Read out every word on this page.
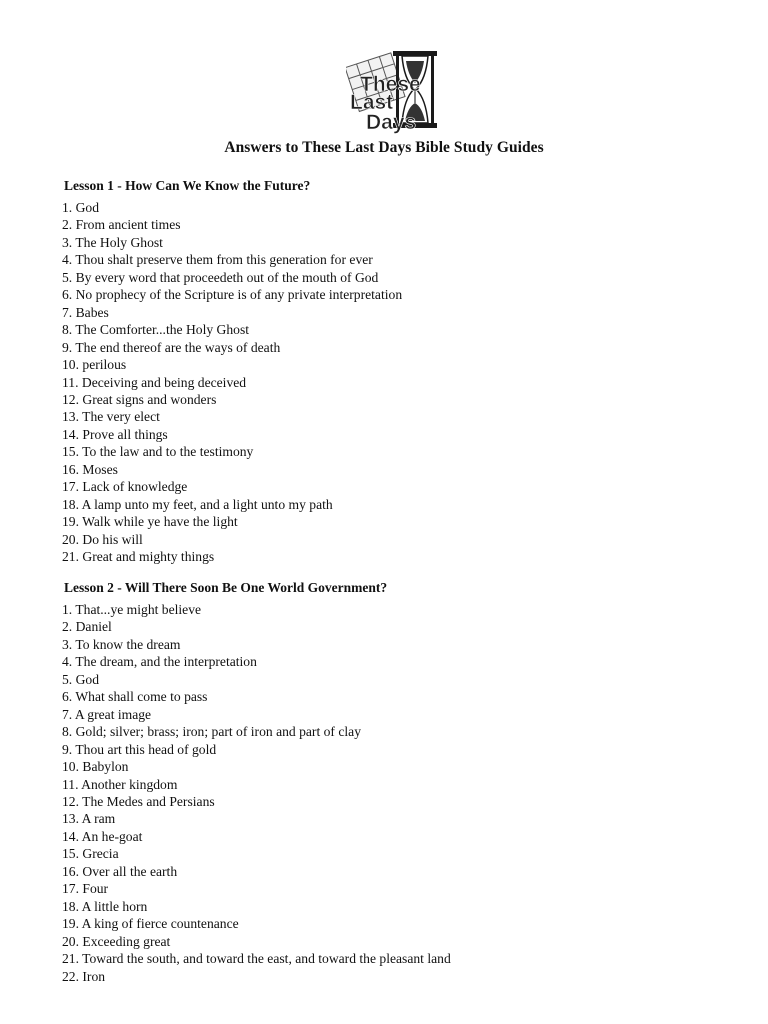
These
Last
Days
Answers to These Last Days Bible Study Guides
Lesson 1 - How Can We Know the Future?
1. God
2. From ancient times
3. The Holy Ghost
4. Thou shalt preserve them from this generation for ever
5. By every word that proceedeth out of the mouth of God
6. No prophecy of the Scripture is of any private interpretation
7. Babes
8. The Comforter...the Holy Ghost
9. The end thereof are the ways of death
10. perilous
11. Deceiving and being deceived
12. Great signs and wonders
13. The very elect
14. Prove all things
15. To the law and to the testimony
16. Moses
17. Lack of knowledge
18. A lamp unto my feet, and a light unto my path
19. Walk while ye have the light
20. Do his will
21. Great and mighty things
Lesson 2 - Will There Soon Be One World Government?
1. That...ye might believe
2. Daniel
3. To know the dream
4. The dream, and the interpretation
5. God
6. What shall come to pass
7. A great image
8. Gold; silver; brass; iron; part of iron and part of clay
9. Thou art this head of gold
10. Babylon
11. Another kingdom
12. The Medes and Persians
13. A ram
14. An he-goat
15. Grecia
16. Over all the earth
17. Four
18. A little horn
19. A king of fierce countenance
20. Exceeding great
21. Toward the south, and toward the east, and toward the pleasant land
22. Iron
